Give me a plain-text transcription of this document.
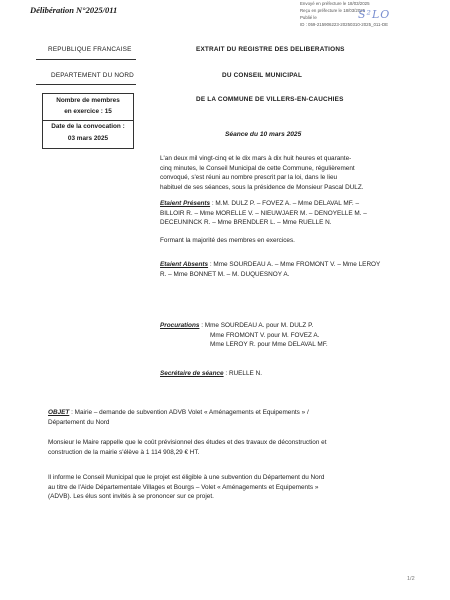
Délibération N°2025/011
Envoyé en préfecture le 18/03/2025
Reçu en préfecture le 18/03/2025
Publié le
ID : 059-215906223-20250310-2025_011-DE
S²LO
REPUBLIQUE FRANCAISE
DEPARTEMENT DU NORD
Nombre de membres
en exercice : 15
Date de la convocation :
03 mars 2025
EXTRAIT DU REGISTRE DES DELIBERATIONS
DU CONSEIL MUNICIPAL
DE LA COMMUNE DE VILLERS-EN-CAUCHIES
Séance du 10 mars 2025

L'an deux mil vingt-cinq et le dix mars à dix huit heures et quarante-

cinq minutes, le Conseil Municipal de cette Commune, régulièrement

convoqué, s'est réuni au nombre prescrit par la loi, dans le lieu

habituel de ses séances, sous la présidence de Monsieur Pascal DULZ.

Etaient Présents : M.M. DULZ P. – FOVEZ A. – Mme DELAVAL MF. –

BILLOIR R. – Mme MORELLE V. – NIEUWJAER M. – DENOYELLE M. –

DECEUNINCK R. – Mme BRENDLER L. – Mme RUELLE N.

Formant la majorité des membres en exercices.

Etaient Absents : Mme SOURDEAU A. – Mme FROMONT V. – Mme LEROY

R. – Mme BONNET M. – M. DUQUESNOY A.

Procurations : Mme SOURDEAU A. pour M. DULZ P.

Mme FROMONT V. pour M. FOVEZ A.

Mme LEROY R. pour Mme DELAVAL MF.

Secrétaire de séance : RUELLE N.

OBJET : Mairie – demande de subvention ADVB Volet « Aménagements et Equipements » /

Département du Nord

Monsieur le Maire rappelle que le coût prévisionnel des études et des travaux de déconstruction et

construction de la mairie s'élève à 1 114 908,29 € HT.

Il informe le Conseil Municipal que le projet est éligible à une subvention du Département du Nord

au titre de l'Aide Départementale Villages et Bourgs – Volet « Aménagements et Equipements »

(ADVB). Les élus sont invités à se prononcer sur ce projet.

1/2
